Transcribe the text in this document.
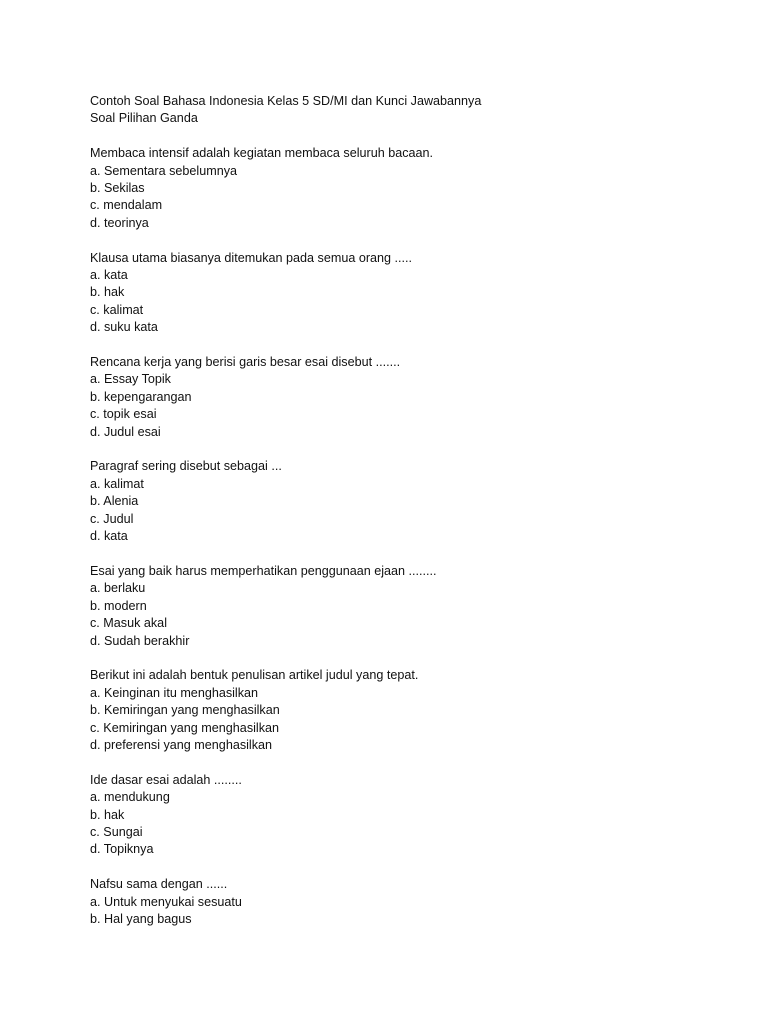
Contoh Soal Bahasa Indonesia Kelas 5 SD/MI dan Kunci Jawabannya
Soal Pilihan Ganda
Membaca intensif adalah kegiatan membaca seluruh bacaan.
a. Sementara sebelumnya
b. Sekilas
c. mendalam
d. teorinya
Klausa utama biasanya ditemukan pada semua orang .....
a. kata
b. hak
c. kalimat
d. suku kata
Rencana kerja yang berisi garis besar esai disebut .......
a. Essay Topik
b. kepengarangan
c. topik esai
d. Judul esai
Paragraf sering disebut sebagai ...
a. kalimat
b. Alenia
c. Judul
d. kata
Esai yang baik harus memperhatikan penggunaan ejaan ........
a. berlaku
b. modern
c. Masuk akal
d. Sudah berakhir
Berikut ini adalah bentuk penulisan artikel judul yang tepat.
a. Keinginan itu menghasilkan
b. Kemiringan yang menghasilkan
c. Kemiringan yang menghasilkan
d. preferensi yang menghasilkan
Ide dasar esai adalah ........
a. mendukung
b. hak
c. Sungai
d. Topiknya
Nafsu sama dengan ......
a. Untuk menyukai sesuatu
b. Hal yang bagus
